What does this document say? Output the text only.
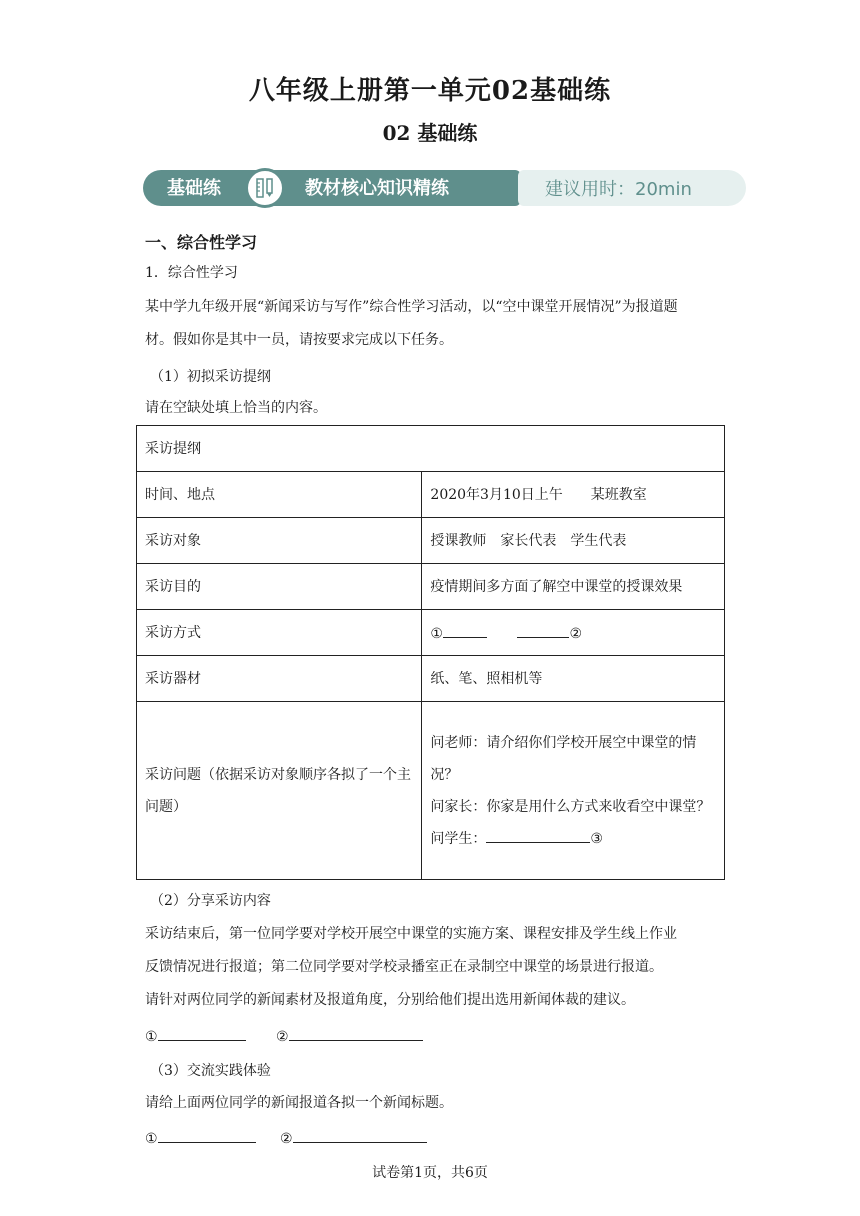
八年级上册第一单元02基础练
02 基础练
基础练	教材核心知识精练	建议用时：20min
一、综合性学习
1．综合性学习
某中学九年级开展“新闻采访与写作”综合性学习活动，以“空中课堂开展情况”为报道题
材。假如你是其中一员，请按要求完成以下任务。
（1）初拟采访提纲
请在空缺处填上恰当的内容。
采访提纲	
时间、地点	2020年3月10日上午　　某班教室
采访对象	授课教师　家长代表　学生代表
采访目的	疫情期间多方面了解空中课堂的授课效果
采访方式	① ②
采访器材	纸、笔、照相机等
采访问题（依据采访对象顺序各拟了一个主问题）	问老师：请介绍你们学校开展空中课堂的情况？
问家长：你家是用什么方式来收看空中课堂？
问学生： ③
（2）分享采访内容
采访结束后，第一位同学要对学校开展空中课堂的实施方案、课程安排及学生线上作业
反馈情况进行报道；第二位同学要对学校录播室正在录制空中课堂的场景进行报道。
请针对两位同学的新闻素材及报道角度，分别给他们提出选用新闻体裁的建议。
①	②
（3）交流实践体验
请给上面两位同学的新闻报道各拟一个新闻标题。
①	②
试卷第1页，共6页
